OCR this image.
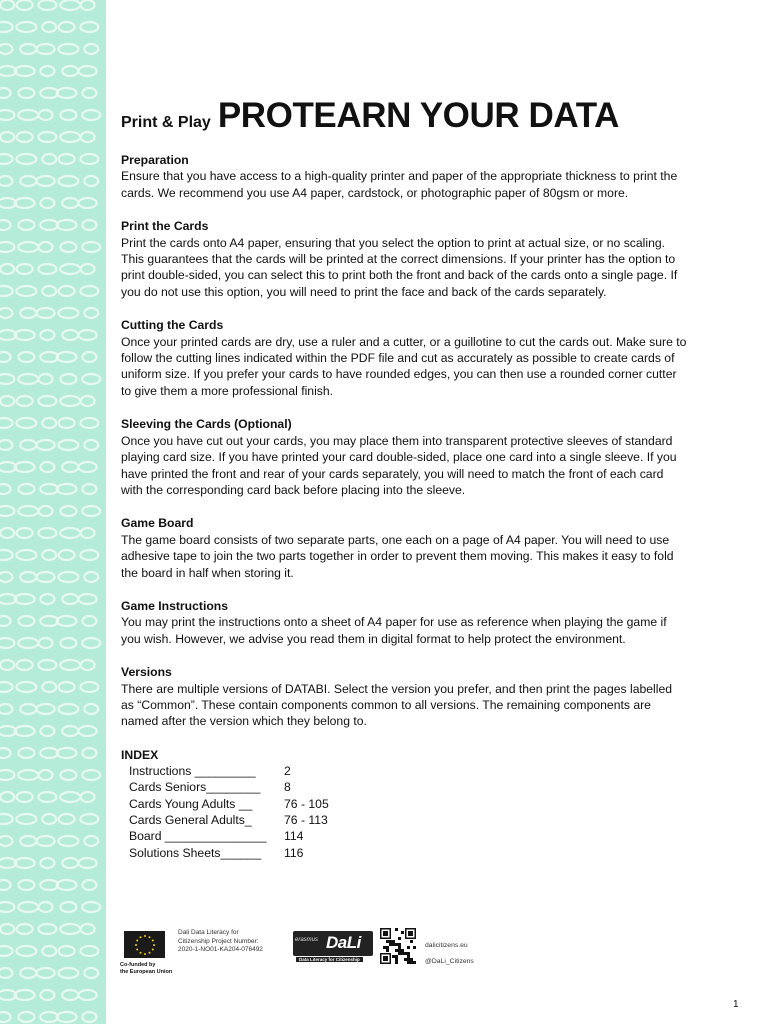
Print & Play PROTEARN YOUR DATA
Preparation

Ensure that you have access to a high-quality printer and paper of the appropriate thickness to print the cards. We recommend you use A4 paper, cardstock, or photographic paper of 80gsm or more.

Print the Cards

Print the cards onto A4 paper, ensuring that you select the option to print at actual size, or no scaling. This guarantees that the cards will be printed at the correct dimensions. If your printer has the option to print double-sided, you can select this to print both the front and back of the cards onto a single page. If you do not use this option, you will need to print the face and back of the cards separately.

Cutting the Cards

Once your printed cards are dry, use a ruler and a cutter, or a guillotine to cut the cards out. Make sure to follow the cutting lines indicated within the PDF file and cut as accurately as possible to create cards of uniform size. If you prefer your cards to have rounded edges, you can then use a rounded corner cutter to give them a more professional finish.

Sleeving the Cards (Optional)

Once you have cut out your cards, you may place them into transparent protective sleeves of standard playing card size. If you have printed your card double-sided, place one card into a single sleeve. If you have printed the front and rear of your cards separately, you will need to match the front of each card with the corresponding card back before placing into the sleeve.

Game Board

The game board consists of two separate parts, one each on a page of A4 paper. You will need to use adhesive tape to join the two parts together in order to prevent them moving. This makes it easy to fold the board in half when storing it.

Game Instructions

You may print the instructions onto a sheet of A4 paper for use as reference when playing the game if you wish. However, we advise you read them in digital format to help protect the environment.

Versions

There are multiple versions of DATABI. Select the version you prefer, and then print the pages labelled as “Common”. These contain components common to all versions. The remaining components are named after the version which they belong to.

INDEX
Instructions _________	2
Cards Seniors________	8
Cards Young Adults __	76 - 105
Cards General Adults_	76 - 113
Board _______________	114
Solutions Sheets______	116
Co-funded by
the European Union
Dali Data Literacy for
Citizenship Project Number:
2020-1-NO01-KA204-076492
erasmus DaLi
Data Literacy for Citizenship
dalicitizens.eu
@DaLi_Citizens
1
